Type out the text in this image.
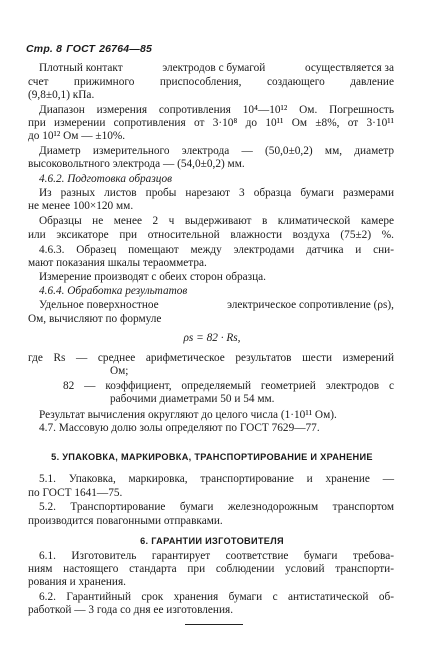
Стр. 8 ГОСТ 26764—85
Плотный контакт	электродов с бумагой	осуществляется за
счет прижимного приспособления, создающего давление
(9,8±0,1) кПа.
Диапазон измерения сопротивления 10⁴—10¹² Ом. Погрешность
при измерении сопротивления от 3·10⁸ до 10¹¹ Ом ±8%, от 3·10¹¹
до 10¹² Ом — ±10%.
Диаметр измерительного электрода — (50,0±0,2) мм, диаметр
высоковольтного электрода — (54,0±0,2) мм.
4.6.2. Подготовка образцов
Из разных листов пробы нарезают 3 образца бумаги размерами
не менее 100×120 мм.
Образцы не менее 2 ч выдерживают в климатической камере
или эксикаторе при относительной влажности воздуха (75±2) %.
4.6.3. Образец помещают между электродами датчика и сни-
мают показания шкалы тераомметра.
Измерение производят с обеих сторон образца.
4.6.4. Обработка результатов
Удельное поверхностное	электрическое сопротивление (ρs),
Ом, вычисляют по формуле
ρs = 82 · Rs,
где Rs — среднее арифметическое результатов шести измерений
Ом;
82 — коэффициент, определяемый геометрией электродов с
рабочими диаметрами 50 и 54 мм.
Результат вычисления округляют до целого числа (1·10¹¹ Ом).
4.7. Массовую долю золы определяют по ГОСТ 7629—77.
5. УПАКОВКА, МАРКИРОВКА, ТРАНСПОРТИРОВАНИЕ И ХРАНЕНИЕ
5.1. Упаковка, маркировка, транспортирование и хранение —
по ГОСТ 1641—75.
5.2. Транспортирование бумаги железнодорожным транспортом
производится повагонными отправками.
6. ГАРАНТИИ ИЗГОТОВИТЕЛЯ
6.1. Изготовитель гарантирует соответствие бумаги требова-
ниям настоящего стандарта при соблюдении условий транспорти-
рования и хранения.
6.2. Гарантийный срок хранения бумаги с антистатической об-
работкой — 3 года со дня ее изготовления.
